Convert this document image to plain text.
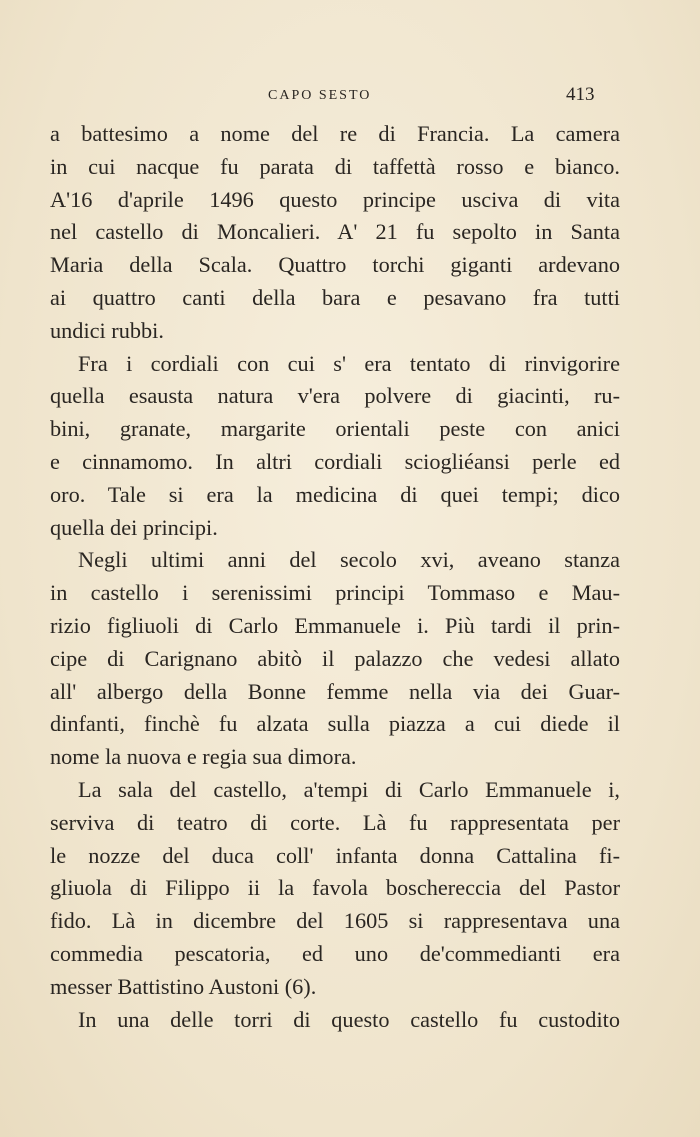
CAPO SESTO	413
a battesimo a nome del re di Francia. La camera
in cui nacque fu parata di taffettà rosso e bianco.
A'16 d'aprile 1496 questo principe usciva di vita
nel castello di Moncalieri. A' 21 fu sepolto in Santa
Maria della Scala. Quattro torchi giganti ardevano
ai quattro canti della bara e pesavano fra tutti
undici rubbi.
Fra i cordiali con cui s' era tentato di rinvigorire
quella esausta natura v'era polvere di giacinti, ru-
bini, granate, margarite orientali peste con anici
e cinnamomo. In altri cordiali sciogliéansi perle ed
oro. Tale si era la medicina di quei tempi; dico
quella dei principi.
Negli ultimi anni del secolo xvi, aveano stanza
in castello i serenissimi principi Tommaso e Mau-
rizio figliuoli di Carlo Emmanuele i. Più tardi il prin-
cipe di Carignano abitò il palazzo che vedesi allato
all' albergo della Bonne femme nella via dei Guar-
dinfanti, finchè fu alzata sulla piazza a cui diede il
nome la nuova e regia sua dimora.
La sala del castello, a'tempi di Carlo Emmanuele i,
serviva di teatro di corte. Là fu rappresentata per
le nozze del duca coll' infanta donna Cattalina fi-
gliuola di Filippo ii la favola boschereccia del Pastor
fido. Là in dicembre del 1605 si rappresentava una
commedia pescatoria, ed uno de'commedianti era
messer Battistino Austoni (6).
In una delle torri di questo castello fu custodito
